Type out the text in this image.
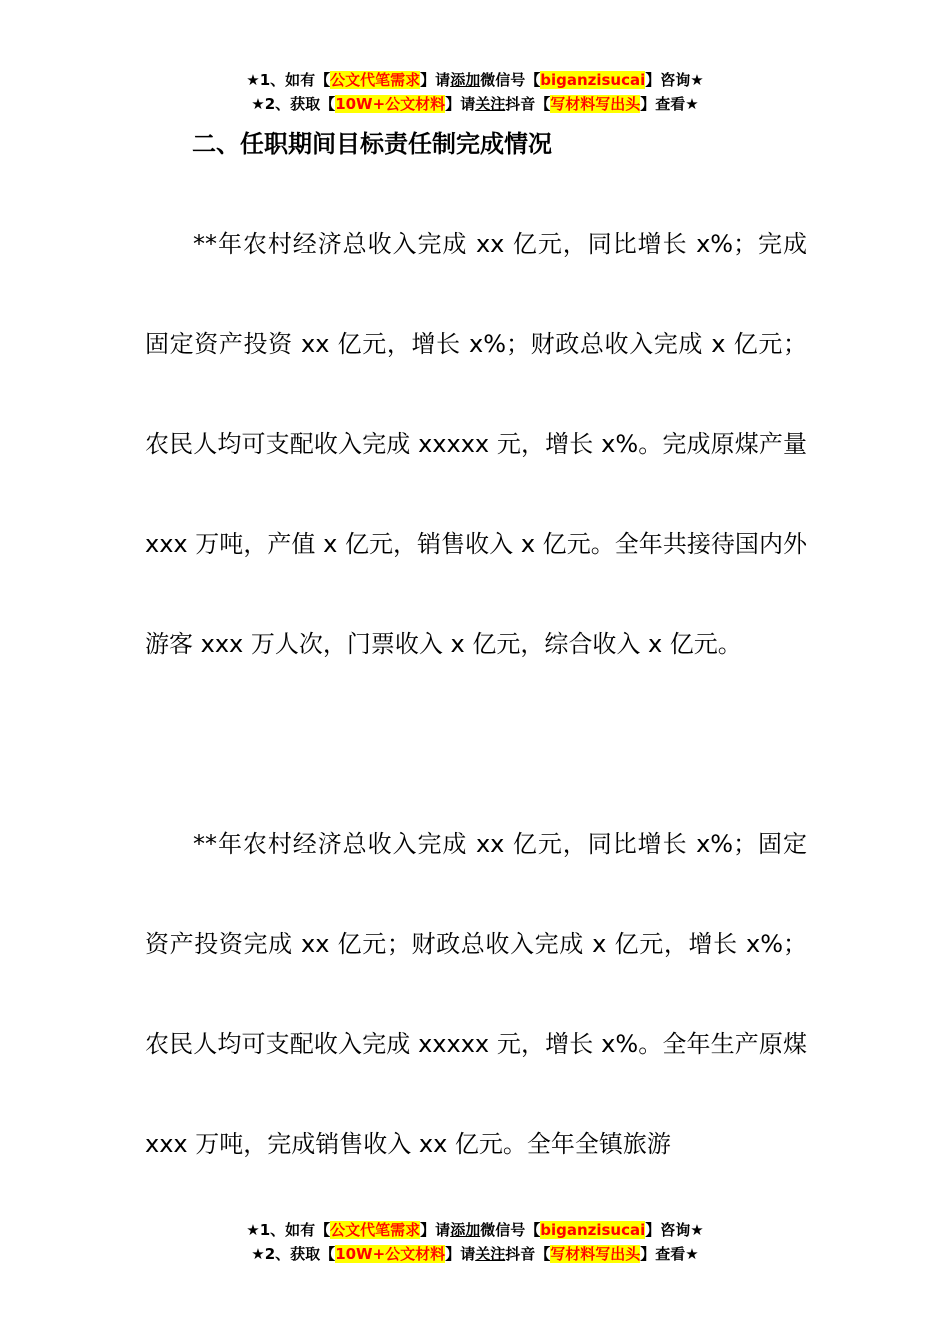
★1、如有【公文代笔需求】请添加微信号【biganzisucai】咨询★
★2、获取【10W+公文材料】请关注抖音【写材料写出头】查看★
二、任职期间目标责任制完成情况

**年农村经济总收入完成 xx 亿元，同比增长 x%；完成固定资产投资 xx 亿元，增长 x%；财政总收入完成 x 亿元；农民人均可支配收入完成 xxxxx 元，增长 x%。完成原煤产量 xxx 万吨，产值 x 亿元，销售收入 x 亿元。全年共接待国内外游客 xxx 万人次，门票收入 x 亿元，综合收入 x 亿元。

**年农村经济总收入完成 xx 亿元，同比增长 x%；固定资产投资完成 xx 亿元；财政总收入完成 x 亿元，增长 x%；农民人均可支配收入完成 xxxxx 元，增长 x%。全年生产原煤 xxx 万吨，完成销售收入 xx 亿元。全年全镇旅游

★1、如有【公文代笔需求】请添加微信号【biganzisucai】咨询★
★2、获取【10W+公文材料】请关注抖音【写材料写出头】查看★
